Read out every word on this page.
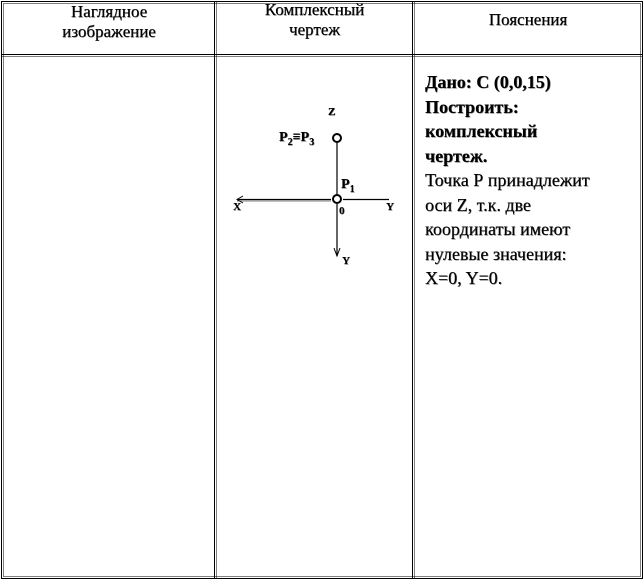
Наглядное
изображение
Комплексный
чертеж
Пояснения
Z
X	Y
Y
0
$P_2\equiv P_3$
$P_1$
Дано: С (0,0,15)
Построить:
комплексный
чертеж.
Точка Р принадлежит
оси Z, т.к. две
координаты имеют
нулевые значения:
X=0, Y=0.
